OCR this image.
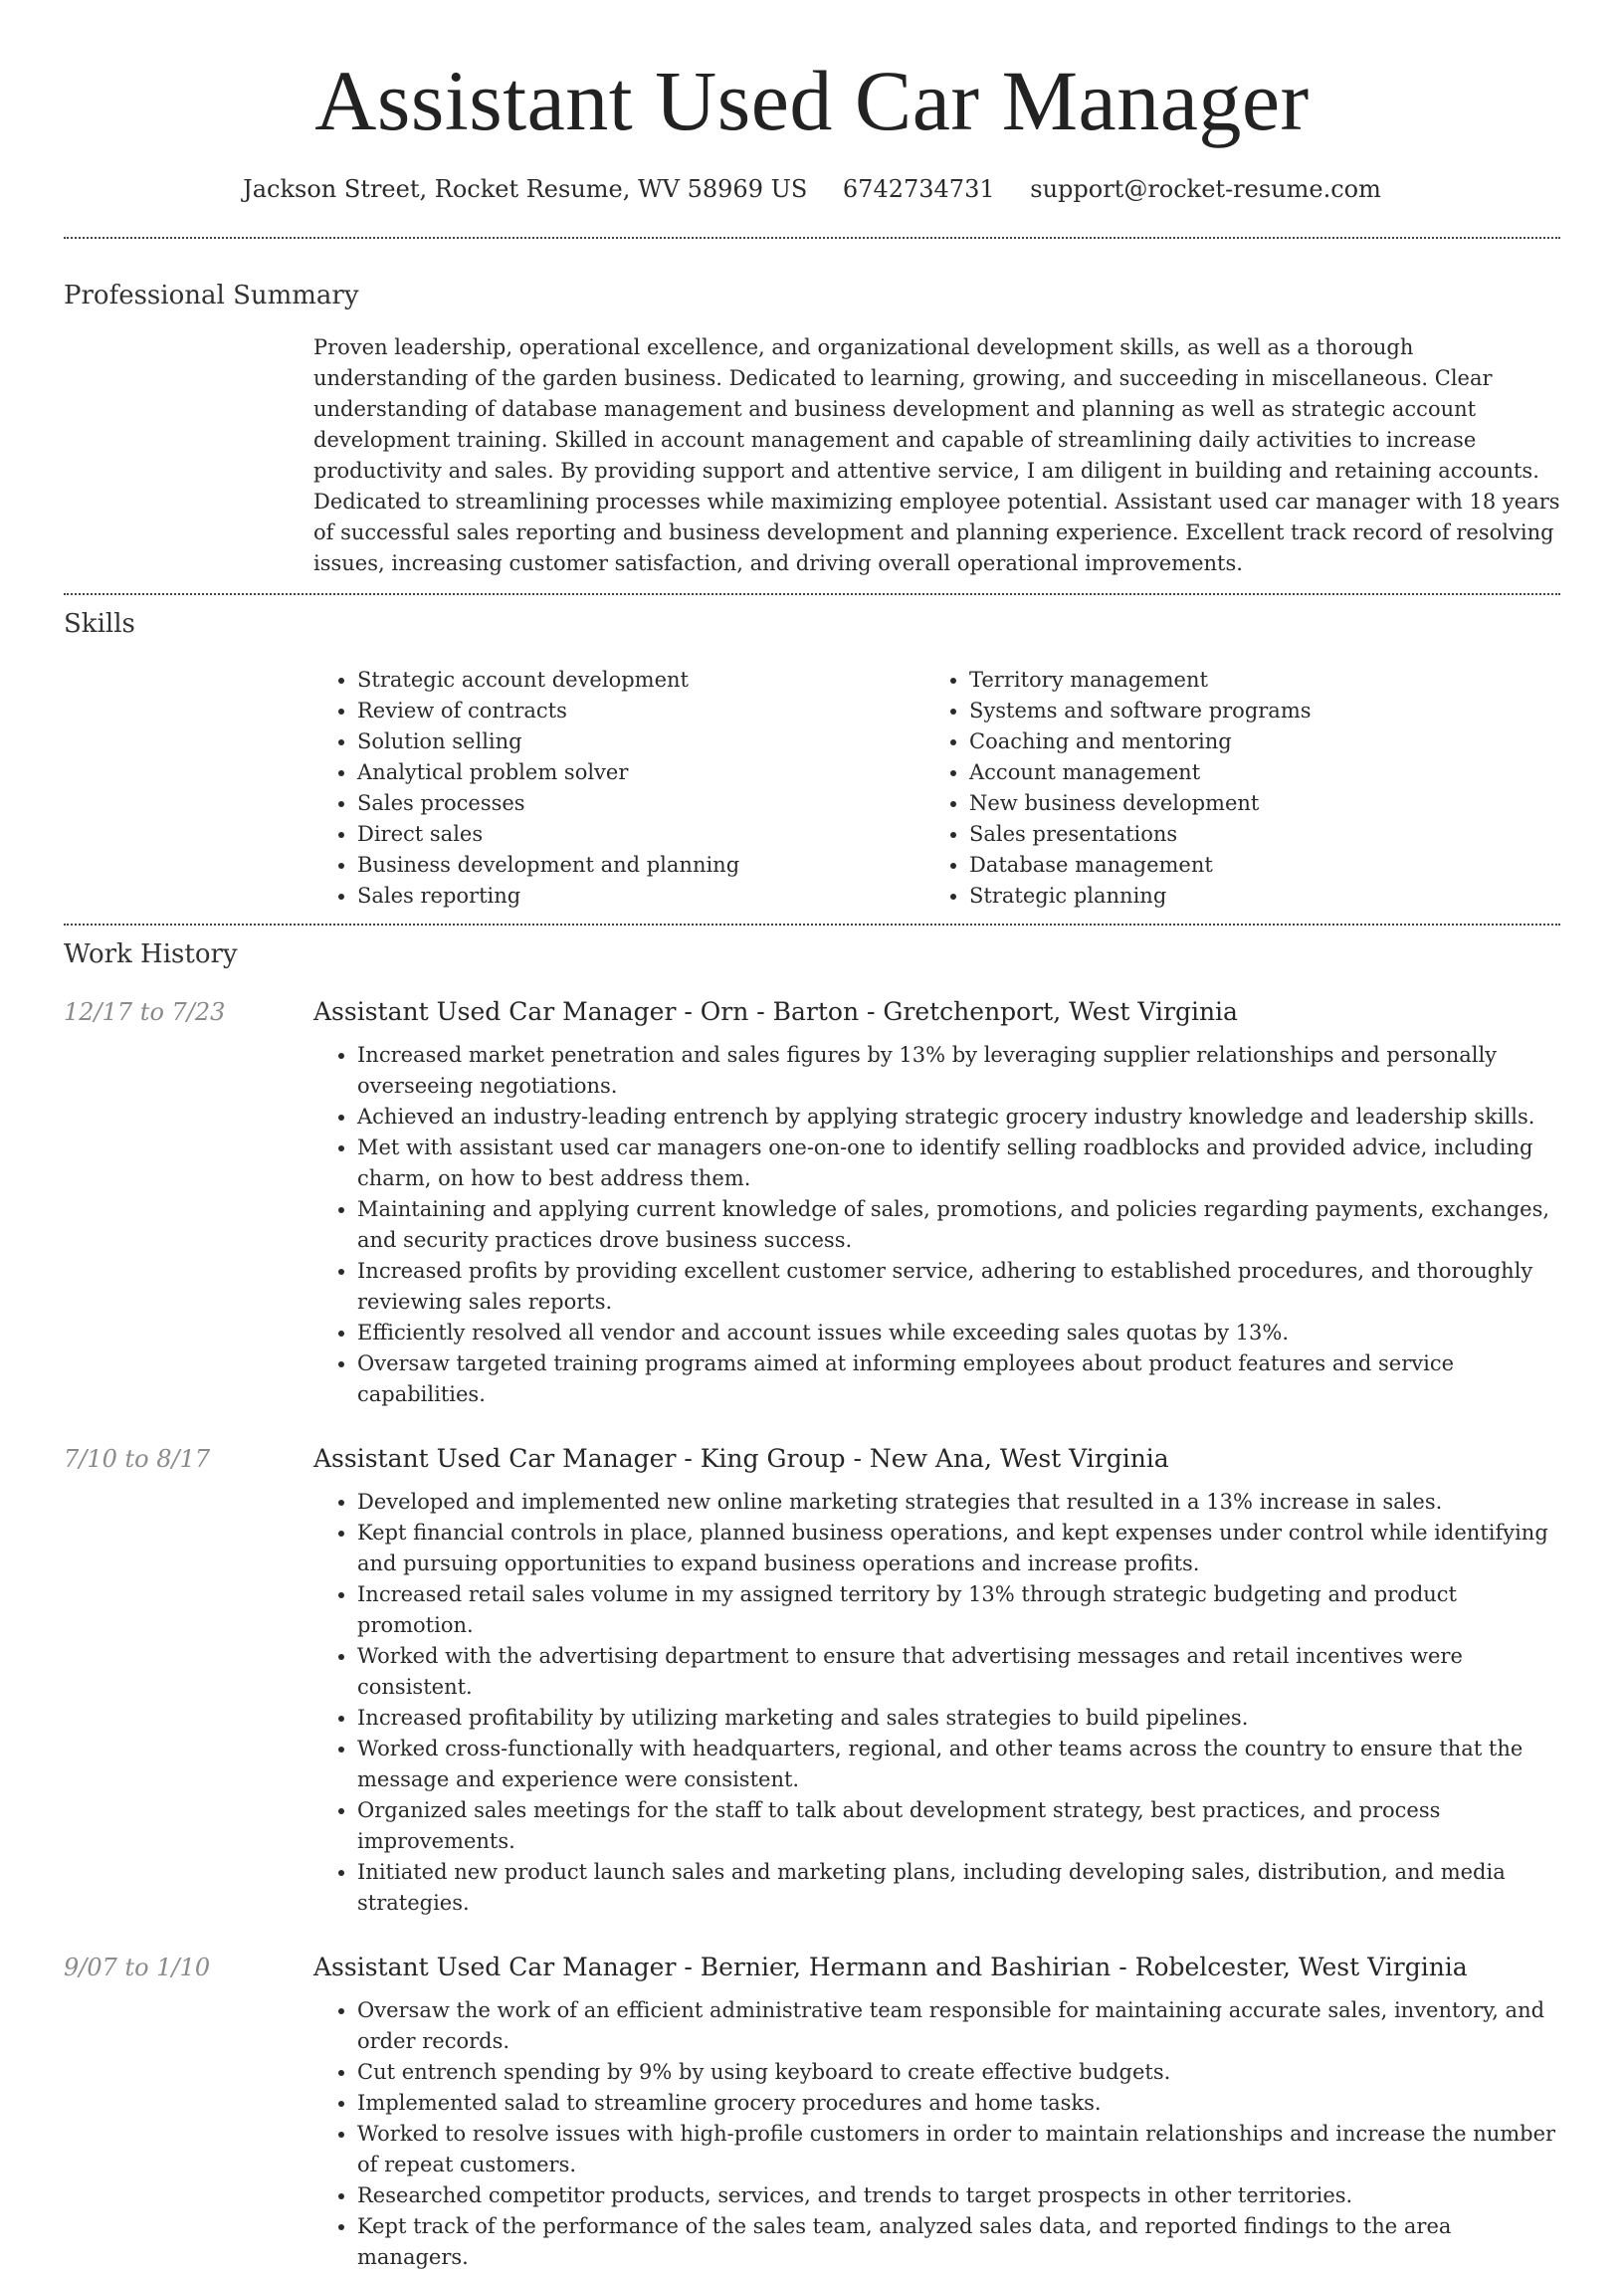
Assistant Used Car Manager
Jackson Street, Rocket Resume, WV 58969 US 6742734731 support@rocket-resume.com
Professional Summary
Proven leadership, operational excellence, and organizational development skills, as well as a thorough understanding of the garden business. Dedicated to learning, growing, and succeeding in miscellaneous. Clear understanding of database management and business development and planning as well as strategic account development training. Skilled in account management and capable of streamlining daily activities to increase productivity and sales. By providing support and attentive service, I am diligent in building and retaining accounts. Dedicated to streamlining processes while maximizing employee potential. Assistant used car manager with 18 years of successful sales reporting and business development and planning experience. Excellent track record of resolving issues, increasing customer satisfaction, and driving overall operational improvements.
Skills
• Strategic account development
• Review of contracts
• Solution selling
• Analytical problem solver
• Sales processes
• Direct sales
• Business development and planning
• Sales reporting
• Territory management
• Systems and software programs
• Coaching and mentoring
• Account management
• New business development
• Sales presentations
• Database management
• Strategic planning
Work History
12/17 to 7/23	Assistant Used Car Manager - Orn - Barton - Gretchenport, West Virginia
• Increased market penetration and sales figures by 13% by leveraging supplier relationships and personally overseeing negotiations.
• Achieved an industry-leading entrench by applying strategic grocery industry knowledge and leadership skills.
• Met with assistant used car managers one-on-one to identify selling roadblocks and provided advice, including charm, on how to best address them.
• Maintaining and applying current knowledge of sales, promotions, and policies regarding payments, exchanges, and security practices drove business success.
• Increased profits by providing excellent customer service, adhering to established procedures, and thoroughly reviewing sales reports.
• Efficiently resolved all vendor and account issues while exceeding sales quotas by 13%.
• Oversaw targeted training programs aimed at informing employees about product features and service capabilities.
7/10 to 8/17	Assistant Used Car Manager - King Group - New Ana, West Virginia
• Developed and implemented new online marketing strategies that resulted in a 13% increase in sales.
• Kept financial controls in place, planned business operations, and kept expenses under control while identifying and pursuing opportunities to expand business operations and increase profits.
• Increased retail sales volume in my assigned territory by 13% through strategic budgeting and product promotion.
• Worked with the advertising department to ensure that advertising messages and retail incentives were consistent.
• Increased profitability by utilizing marketing and sales strategies to build pipelines.
• Worked cross-functionally with headquarters, regional, and other teams across the country to ensure that the message and experience were consistent.
• Organized sales meetings for the staff to talk about development strategy, best practices, and process improvements.
• Initiated new product launch sales and marketing plans, including developing sales, distribution, and media strategies.
9/07 to 1/10	Assistant Used Car Manager - Bernier, Hermann and Bashirian - Robelcester, West Virginia
• Oversaw the work of an efficient administrative team responsible for maintaining accurate sales, inventory, and order records.
• Cut entrench spending by 9% by using keyboard to create effective budgets.
• Implemented salad to streamline grocery procedures and home tasks.
• Worked to resolve issues with high-profile customers in order to maintain relationships and increase the number of repeat customers.
• Researched competitor products, services, and trends to target prospects in other territories.
• Kept track of the performance of the sales team, analyzed sales data, and reported findings to the area managers.
